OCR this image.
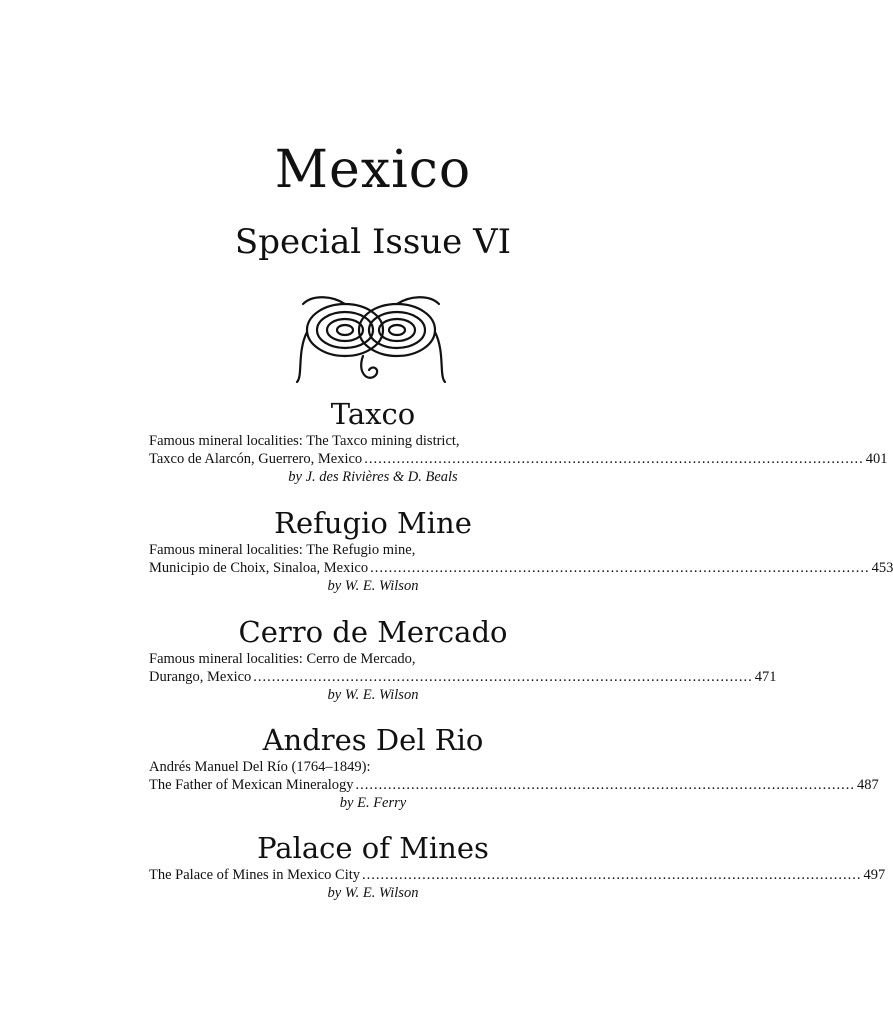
Mexico
Special Issue VI
Taxco
Famous mineral localities: The Taxco mining district,
Taxco de Alarcón, Guerrero, Mexico ............................................................................................................ 401
by J. des Rivières & D. Beals
Refugio Mine
Famous mineral localities: The Refugio mine,
Municipio de Choix, Sinaloa, Mexico ............................................................................................................ 453
by W. E. Wilson
Cerro de Mercado
Famous mineral localities: Cerro de Mercado,
Durango, Mexico ............................................................................................................ 471
by W. E. Wilson
Andres Del Rio
Andrés Manuel Del Río (1764–1849):
The Father of Mexican Mineralogy ............................................................................................................ 487
by E. Ferry
Palace of Mines
The Palace of Mines in Mexico City ............................................................................................................ 497
by W. E. Wilson
